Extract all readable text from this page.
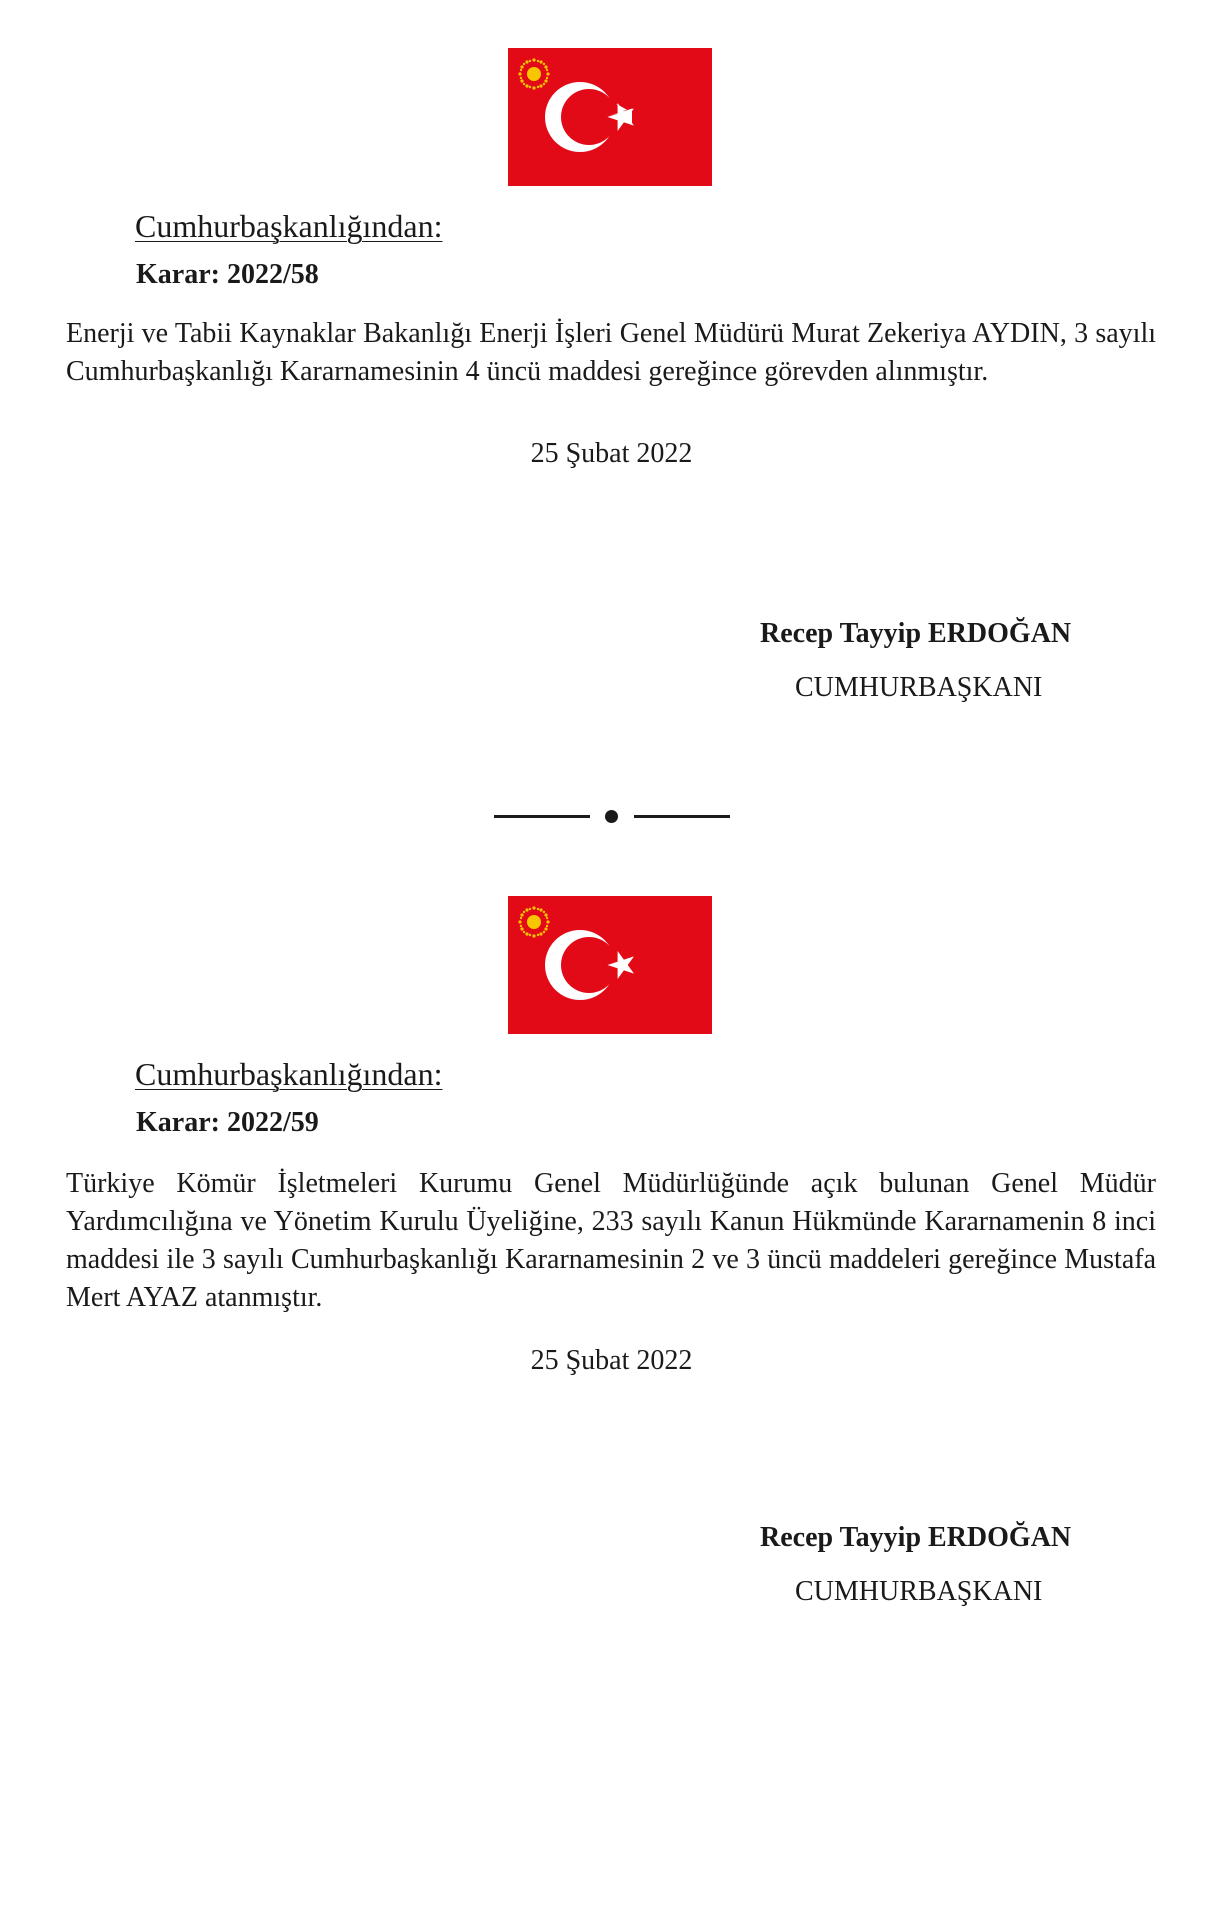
Cumhurbaşkanlığından:
Karar: 2022/58
Enerji ve Tabii Kaynaklar Bakanlığı Enerji İşleri Genel Müdürü Murat Zekeriya AYDIN, 3 sayılı Cumhurbaşkanlığı Kararnamesinin 4 üncü maddesi gereğince görevden alınmıştır.
25 Şubat 2022
Recep Tayyip ERDOĞAN
CUMHURBAŞKANI
Cumhurbaşkanlığından:
Karar: 2022/59
Türkiye Kömür İşletmeleri Kurumu Genel Müdürlüğünde açık bulunan Genel Müdür Yardımcılığına ve Yönetim Kurulu Üyeliğine, 233 sayılı Kanun Hükmünde Kararnamenin 8 inci maddesi ile 3 sayılı Cumhurbaşkanlığı Kararnamesinin 2 ve 3 üncü maddeleri gereğince Mustafa Mert AYAZ atanmıştır.
25 Şubat 2022
Recep Tayyip ERDOĞAN
CUMHURBAŞKANI
